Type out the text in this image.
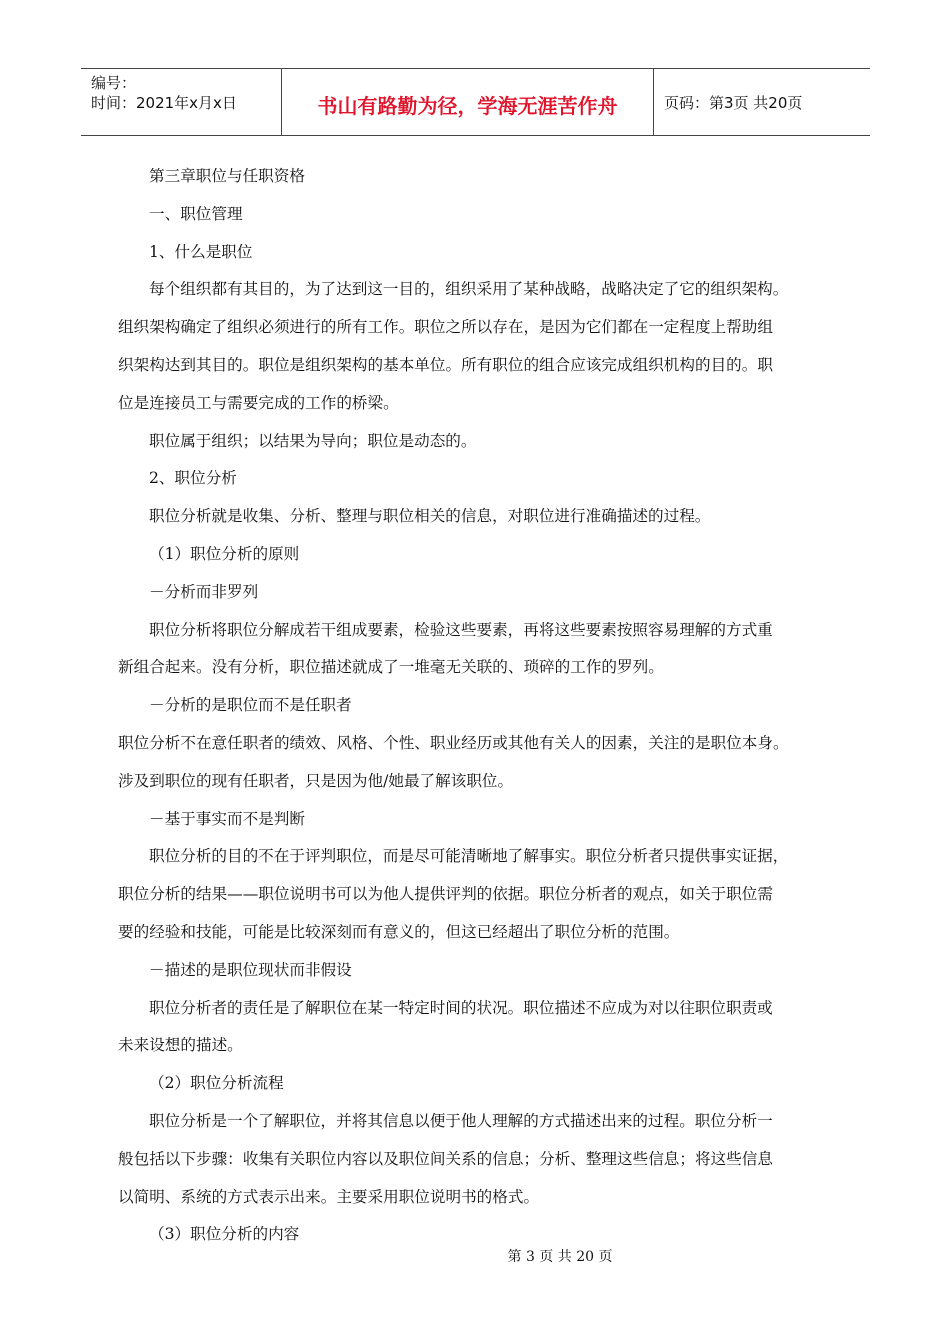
编号：
时间：2021年x月x日	书山有路勤为径，学海无涯苦作舟	页码：第3页 共20页

第三章职位与任职资格

一、职位管理

1、什么是职位

每个组织都有其目的，为了达到这一目的，组织采用了某种战略，战略决定了它的组织架构。

组织架构确定了组织必须进行的所有工作。职位之所以存在，是因为它们都在一定程度上帮助组

织架构达到其目的。职位是组织架构的基本单位。所有职位的组合应该完成组织机构的目的。职

位是连接员工与需要完成的工作的桥梁。

职位属于组织；以结果为导向；职位是动态的。

2、职位分析

职位分析就是收集、分析、整理与职位相关的信息，对职位进行准确描述的过程。

（1）职位分析的原则

－分析而非罗列

职位分析将职位分解成若干组成要素，检验这些要素，再将这些要素按照容易理解的方式重

新组合起来。没有分析，职位描述就成了一堆毫无关联的、琐碎的工作的罗列。

－分析的是职位而不是任职者

职位分析不在意任职者的绩效、风格、个性、职业经历或其他有关人的因素，关注的是职位本身。

涉及到职位的现有任职者，只是因为他/她最了解该职位。

－基于事实而不是判断

职位分析的目的不在于评判职位，而是尽可能清晰地了解事实。职位分析者只提供事实证据，

职位分析的结果——职位说明书可以为他人提供评判的依据。职位分析者的观点，如关于职位需

要的经验和技能，可能是比较深刻而有意义的，但这已经超出了职位分析的范围。

－描述的是职位现状而非假设

职位分析者的责任是了解职位在某一特定时间的状况。职位描述不应成为对以往职位职责或

未来设想的描述。

（2）职位分析流程

职位分析是一个了解职位，并将其信息以便于他人理解的方式描述出来的过程。职位分析一

般包括以下步骤：收集有关职位内容以及职位间关系的信息；分析、整理这些信息；将这些信息

以简明、系统的方式表示出来。主要采用职位说明书的格式。

（3）职位分析的内容

第 3 页 共 20 页
